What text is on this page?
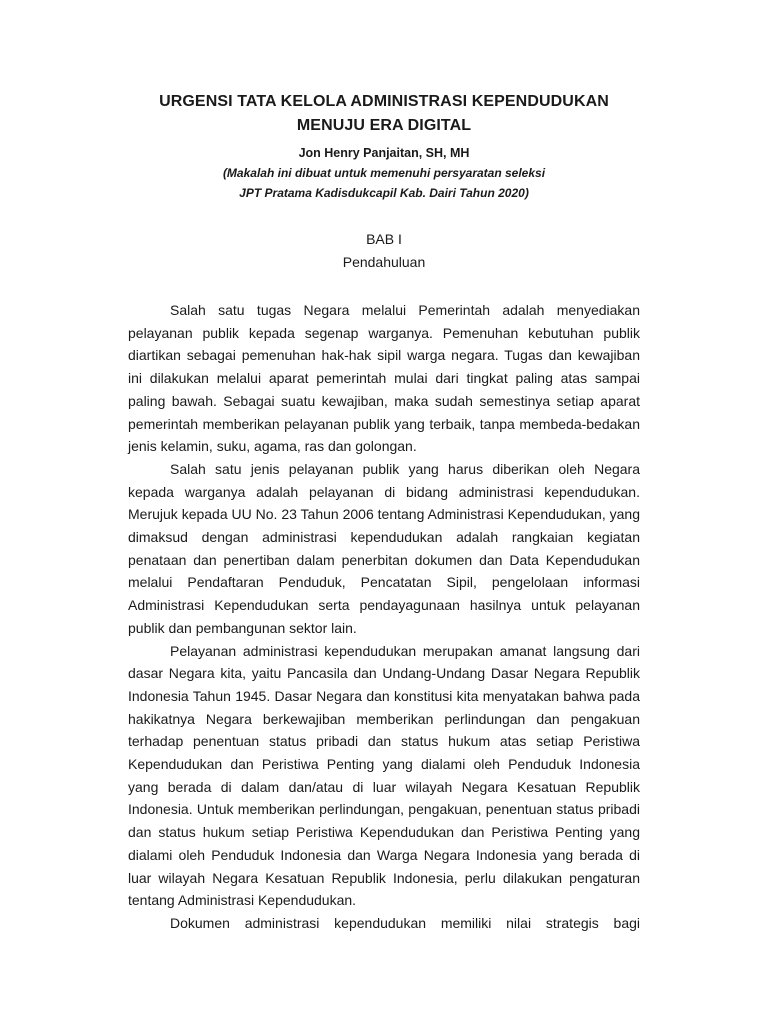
URGENSI TATA KELOLA ADMINISTRASI KEPENDUDUKAN

MENUJU ERA DIGITAL

Jon Henry Panjaitan, SH, MH
(Makalah ini dibuat untuk memenuhi persyaratan seleksi
JPT Pratama Kadisdukcapil Kab. Dairi Tahun 2020)
BAB I
Pendahuluan

Salah satu tugas Negara melalui Pemerintah adalah menyediakan pelayanan publik kepada segenap warganya. Pemenuhan kebutuhan publik diartikan sebagai pemenuhan hak-hak sipil warga negara. Tugas dan kewajiban ini dilakukan melalui aparat pemerintah mulai dari tingkat paling atas sampai paling bawah. Sebagai suatu kewajiban, maka sudah semestinya setiap aparat pemerintah memberikan pelayanan publik yang terbaik, tanpa membeda-bedakan jenis kelamin, suku, agama, ras dan golongan.

Salah satu jenis pelayanan publik yang harus diberikan oleh Negara kepada warganya adalah pelayanan di bidang administrasi kependudukan. Merujuk kepada UU No. 23 Tahun 2006 tentang Administrasi Kependudukan, yang dimaksud dengan administrasi kependudukan adalah rangkaian kegiatan penataan dan penertiban dalam penerbitan dokumen dan Data Kependudukan melalui Pendaftaran Penduduk, Pencatatan Sipil, pengelolaan informasi Administrasi Kependudukan serta pendayagunaan hasilnya untuk pelayanan publik dan pembangunan sektor lain.

Pelayanan administrasi kependudukan merupakan amanat langsung dari dasar Negara kita, yaitu Pancasila dan Undang-Undang Dasar Negara Republik Indonesia Tahun 1945. Dasar Negara dan konstitusi kita menyatakan bahwa pada hakikatnya Negara berkewajiban memberikan perlindungan dan pengakuan terhadap penentuan status pribadi dan status hukum atas setiap Peristiwa Kependudukan dan Peristiwa Penting yang dialami oleh Penduduk Indonesia yang berada di dalam dan/atau di luar wilayah Negara Kesatuan Republik Indonesia. Untuk memberikan perlindungan, pengakuan, penentuan status pribadi dan status hukum setiap Peristiwa Kependudukan dan Peristiwa Penting yang dialami oleh Penduduk Indonesia dan Warga Negara Indonesia yang berada di luar wilayah Negara Kesatuan Republik Indonesia, perlu dilakukan pengaturan tentang Administrasi Kependudukan.

Dokumen administrasi kependudukan memiliki nilai strategis bagi
